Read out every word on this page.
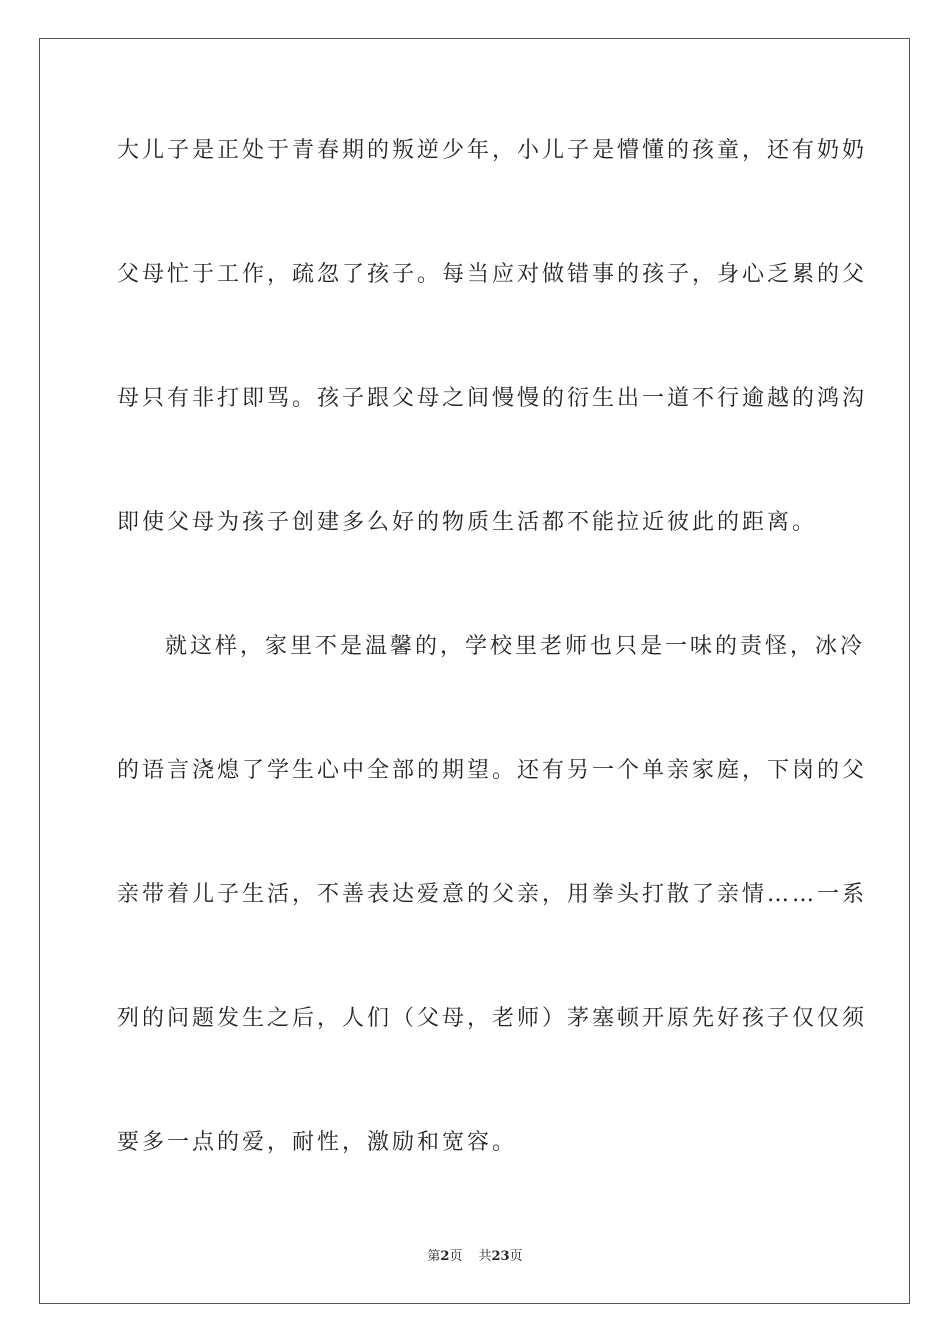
大儿子是正处于青春期的叛逆少年，小儿子是懵懂的孩童，还有奶奶
父母忙于工作，疏忽了孩子。每当应对做错事的孩子，身心乏累的父
母只有非打即骂。孩子跟父母之间慢慢的衍生出一道不行逾越的鸿沟
即使父母为孩子创建多么好的物质生活都不能拉近彼此的距离。
就这样，家里不是温馨的，学校里老师也只是一味的责怪，冰冷
的语言浇熄了学生心中全部的期望。还有另一个单亲家庭，下岗的父
亲带着儿子生活，不善表达爱意的父亲，用拳头打散了亲情……一系
列的问题发生之后，人们（父母，老师）茅塞顿开原先好孩子仅仅须
要多一点的爱，耐性，激励和宽容。
第2页 共23页
